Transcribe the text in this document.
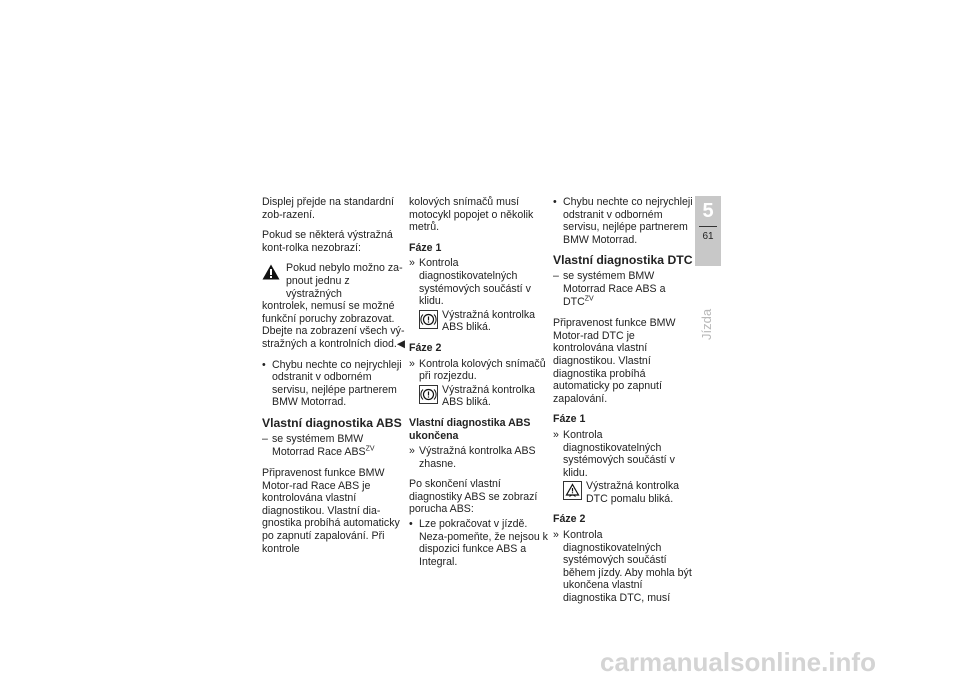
Displej přejde na standardní zob-razení.

Pokud se některá výstražná kont-rolka nezobrazí:

Pokud nebylo možno za-
pnout jednu z výstražných
kontrolek, nemusí se možné funkční poruchy zobrazovat. Dbejte na zobrazení všech vý-stražných a kontrolních diod.◀
• Chybu nechte co nejrychleji odstranit v odborném servisu, nejlépe partnerem BMW Motorrad.
Vlastní diagnostika ABS
– se systémem BMW Motorrad Race $ABS^{ZV}$

Připravenost funkce BMW Motor-rad Race ABS je kontrolována vlastní diagnostikou. Vlastní dia-gnostika probíhá automaticky po zapnutí zapalování. Při kontrole

kolových snímačů musí motocykl popojet o několik metrů.

Fáze 1
» Kontrola diagnostikovatelných systémových součástí v klidu.
Výstražná kontrolka ABS bliká.
Fáze 2
» Kontrola kolových snímačů při rozjezdu.
Výstražná kontrolka ABS bliká.
Vlastní diagnostika ABS ukončena
» Výstražná kontrolka ABS zhasne.

Po skončení vlastní diagnostiky ABS se zobrazí porucha ABS:

• Lze pokračovat v jízdě. Neza-pomeňte, že nejsou k dispozici funkce ABS a Integral.
• Chybu nechte co nejrychleji odstranit v odborném servisu, nejlépe partnerem BMW Motorrad.
Vlastní diagnostika DTC
– se systémem BMW Motorrad Race ABS a $DTC^{ZV}$

Připravenost funkce BMW Motor-rad DTC je kontrolována vlastní diagnostikou. Vlastní diagnostika probíhá automaticky po zapnutí zapalování.

Fáze 1
» Kontrola diagnostikovatelných systémových součástí v klidu.
Výstražná kontrolka DTC pomalu bliká.
Fáze 2
» Kontrola diagnostikovatelných systémových součástí během jízdy. Aby mohla být ukončena vlastní diagnostika DTC, musí
5
61
Jízda
carmanualsonline.info
